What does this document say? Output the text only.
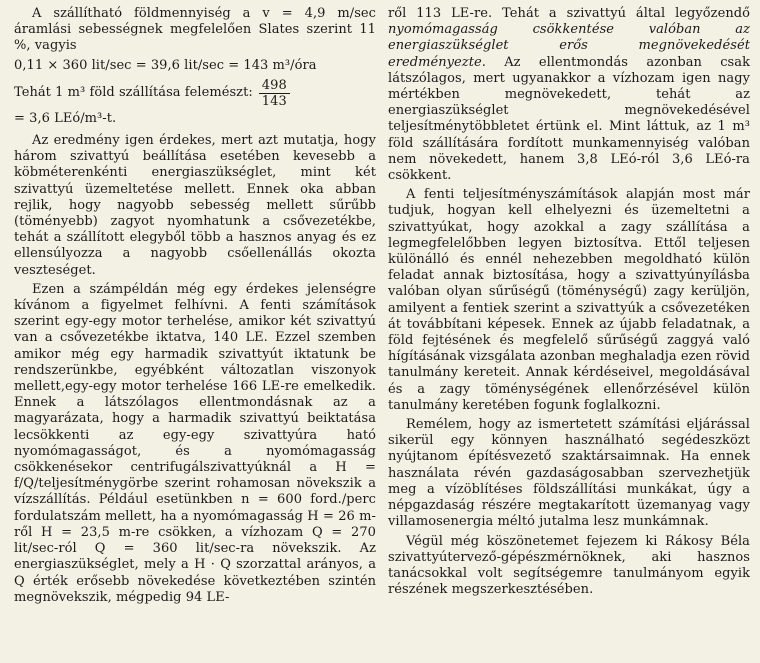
A szállítható földmennyiség a v = 4,9 m/sec áramlási sebességnek megfelelően Slates szerint 11 %, vagyis

0,11 × 360 lit/sec = 39,6 lit/sec = 143 m³/óra

Tehát 1 m³ föld szállítása felemészt: $\frac{498}{143}$

= 3,6 LEó/m³-t.

Az eredmény igen érdekes, mert azt mutatja, hogy három szivattyú beállítása esetében kevesebb a köbméterenkénti energiaszükséglet, mint két szivattyú üzemeltetése mellett. Ennek oka abban rejlik, hogy nagyobb sebesség mellett sűrűbb (töményebb) zagyot nyomhatunk a csővezetékbe, tehát a szállított elegyből több a hasznos anyag és ez ellensúlyozza a nagyobb csőellenállás okozta veszteséget.

Ezen a számpéldán még egy érdekes jelenségre kívánom a figyelmet felhívni. A fenti számítások szerint egy-egy motor terhelése, amikor két szivattyú van a csővezetékbe iktatva, 140 LE. Ezzel szemben amikor még egy harmadik szivattyút iktatunk be rendszerünkbe, egyébként változatlan viszonyok mellett,egy-egy motor terhelése 166 LE-re emelkedik. Ennek a látszólagos ellentmondásnak az a magyarázata, hogy a harmadik szivattyú beiktatása lecsökkenti az egy-egy szivattyúra ható nyomómagasságot, és a nyomómagasság csökkenésekor centrifugálszivattyúknál a H = f/Q/teljesítménygörbe szerint rohamosan növekszik a vízszállítás. Például esetünkben n = 600 ford./perc fordulatszám mellett, ha a nyomómagasság H = 26 m-ről H = 23,5 m-re csökken, a vízhozam Q = 270 lit/sec-ról Q = 360 lit/sec-ra növekszik. Az energiaszükséglet, mely a H · Q szorzattal arányos, a Q érték erősebb növekedése következtében szintén megnövekszik, mégpedig 94 LE-

ről 113 LE-re. Tehát a szivattyú által legyőzendő nyomómagasság csökkentése valóban az energiaszükséglet erős megnövekedését eredményezte. Az ellentmondás azonban csak látszólagos, mert ugyanakkor a vízhozam igen nagy mértékben megnövekedett, tehát az energiaszükséglet megnövekedésével teljesítménytöbbletet értünk el. Mint láttuk, az 1 m³ föld szállítására fordított munkamennyiség valóban nem növekedett, hanem 3,8 LEó-ról 3,6 LEó-ra csökkent.

A fenti teljesítményszámítások alapján most már tudjuk, hogyan kell elhelyezni és üzemeltetni a szivattyúkat, hogy azokkal a zagy szállítása a legmegfelelőbben legyen biztosítva. Ettől teljesen különálló és ennél nehezebben megoldható külön feladat annak biztosítása, hogy a szivattyúnyílásba valóban olyan sűrűségű (töménységű) zagy kerüljön, amilyent a fentiek szerint a szivattyúk a csővezetéken át továbbítani képesek. Ennek az újabb feladatnak, a föld fejtésének és megfelelő sűrűségű zaggyá való hígításának vizsgálata azonban meghaladja ezen rövid tanulmány kereteit. Annak kérdéseivel, megoldásával és a zagy töménységének ellenőrzésével külön tanulmány keretében fogunk foglalkozni.

Remélem, hogy az ismertetett számítási eljárással sikerül egy könnyen használható segédeszközt nyújtanom építésvezető szaktársaimnak. Ha ennek használata révén gazdaságosabban szervezhetjük meg a vízöblítéses földszállítási munkákat, úgy a népgazdaság részére megtakarított üzemanyag vagy villamosenergia méltó jutalma lesz munkámnak.

Végül még köszönetemet fejezem ki Rákosy Béla szivattyútervező-gépészmérnöknek, aki hasznos tanácsokkal volt segítségemre tanulmányom egyik részének megszerkesztésében.
